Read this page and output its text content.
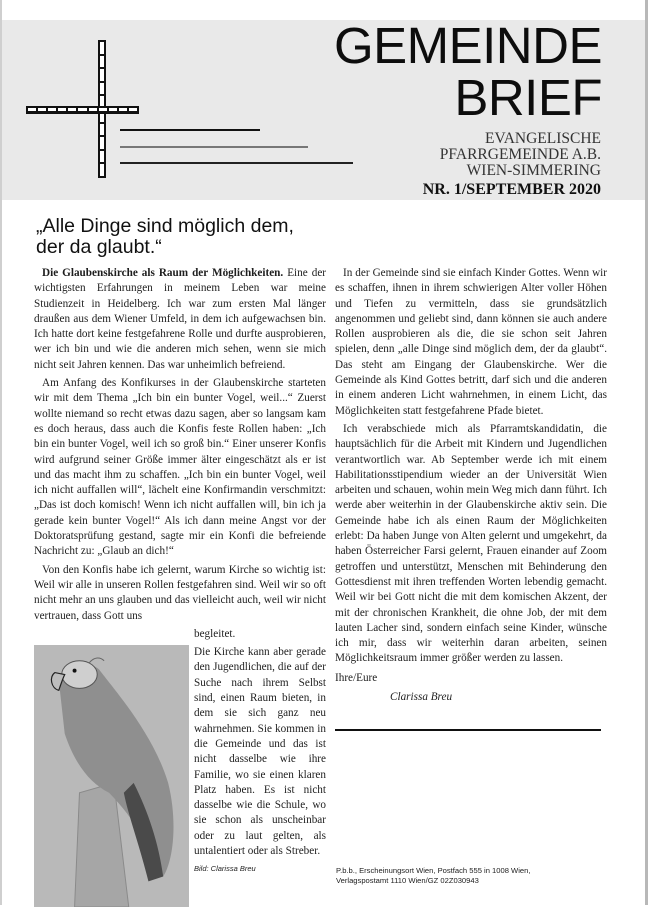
GEMEINDE
BRIEF
EVANGELISCHE
PFARRGEMEINDE A.B.
WIEN-SIMMERING
NR. 1/SEPTEMBER 2020
„Alle Dinge sind möglich dem,
der da glaubt.“

Die Glaubenskirche als Raum der Möglichkeiten. Eine der wichtigsten Erfahrungen in meinem Leben war meine Studienzeit in Heidelberg. Ich war zum ersten Mal länger draußen aus dem Wiener Umfeld, in dem ich aufgewachsen bin. Ich hatte dort keine festgefahrene Rolle und durfte ausprobieren, wer ich bin und wie die anderen mich sehen, wenn sie mich nicht seit Jahren kennen. Das war unheimlich befreiend.

Am Anfang des Konfikurses in der Glaubenskirche starteten wir mit dem Thema „Ich bin ein bunter Vogel, weil...“ Zuerst wollte niemand so recht etwas dazu sagen, aber so langsam kam es doch heraus, dass auch die Konfis feste Rollen haben: „Ich bin ein bunter Vogel, weil ich so groß bin.“ Einer unserer Konfis wird aufgrund seiner Größe immer älter eingeschätzt als er ist und das macht ihm zu schaffen. „Ich bin ein bunter Vogel, weil ich nicht auffallen will“, lächelt eine Konfirmandin verschmitzt: „Das ist doch komisch! Wenn ich nicht auffallen will, bin ich ja gerade kein bunter Vogel!“ Als ich dann meine Angst vor der Doktoratsprüfung gestand, sagte mir ein Konfi die befreiende Nachricht zu: „Glaub an dich!“

Von den Konfis habe ich gelernt, warum Kirche so wichtig ist: Weil wir alle in unseren Rollen festgefahren sind. Weil wir so oft nicht mehr an uns glauben und das vielleicht auch, weil wir nicht vertrauen, dass Gott uns

begleitet.

Die Kirche kann aber gerade den Jugendlichen, die auf der Suche nach ihrem Selbst sind, einen Raum bieten, in dem sie sich ganz neu wahrnehmen. Sie kommen in die Gemeinde und das ist nicht dasselbe wie ihre Familie, wo sie einen klaren Platz haben. Es ist nicht dasselbe wie die Schule, wo sie schon als unscheinbar oder zu laut gelten, als untalentiert oder als Streber.

Bild: Clarissa Breu

In der Gemeinde sind sie einfach Kinder Gottes. Wenn wir es schaffen, ihnen in ihrem schwierigen Alter voller Höhen und Tiefen zu vermitteln, dass sie grundsätzlich angenommen und geliebt sind, dann können sie auch andere Rollen ausprobieren als die, die sie schon seit Jahren spielen, denn „alle Dinge sind möglich dem, der da glaubt“. Das steht am Eingang der Glaubenskirche. Wer die Gemeinde als Kind Gottes betritt, darf sich und die anderen in einem anderen Licht wahrnehmen, in einem Licht, das Möglichkeiten statt festgefahrene Pfade bietet.

Ich verabschiede mich als Pfarramtskandidatin, die hauptsächlich für die Arbeit mit Kindern und Jugendlichen verantwortlich war. Ab September werde ich mit einem Habilitationsstipendium wieder an der Universität Wien arbeiten und schauen, wohin mein Weg mich dann führt. Ich werde aber weiterhin in der Glaubenskirche aktiv sein. Die Gemeinde habe ich als einen Raum der Möglichkeiten erlebt: Da haben Junge von Alten gelernt und umgekehrt, da haben Österreicher Farsi gelernt, Frauen einander auf Zoom getroffen und unterstützt, Menschen mit Behinderung den Gottesdienst mit ihren treffenden Worten lebendig gemacht. Weil wir bei Gott nicht die mit dem komischen Akzent, der mit der chronischen Krankheit, die ohne Job, der mit dem lauten Lacher sind, sondern einfach seine Kinder, wünsche ich mir, dass wir weiterhin daran arbeiten, seinen Möglichkeitsraum immer größer werden zu lassen.

Ihre/Eure

Clarissa Breu

P.b.b., Erscheinungsort Wien, Postfach 555 in 1008 Wien,
Verlagspostamt 1110 Wien/GZ 02Z030943
